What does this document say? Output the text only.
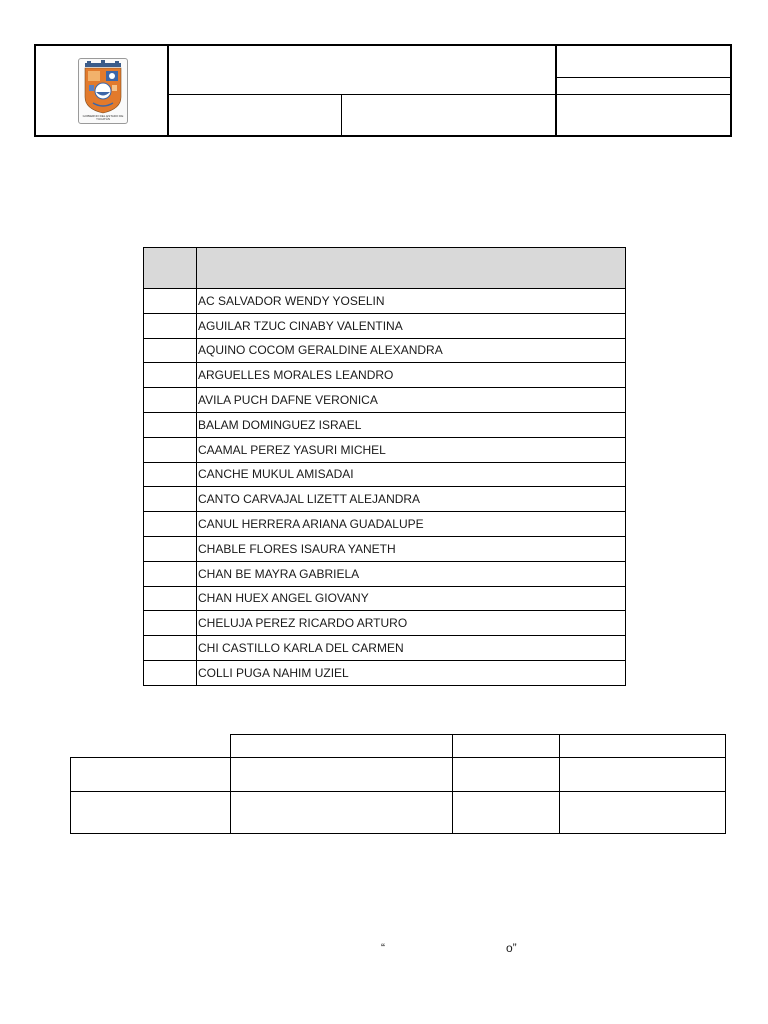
GOBIERNO DEL ESTADO DE YUCATÁN

	AC SALVADOR WENDY YOSELIN
	AGUILAR TZUC CINABY VALENTINA
	AQUINO COCOM GERALDINE ALEXANDRA
	ARGUELLES MORALES LEANDRO
	AVILA PUCH DAFNE VERONICA
	BALAM DOMINGUEZ ISRAEL
	CAAMAL PEREZ YASURI MICHEL
	CANCHE MUKUL AMISADAI
	CANTO CARVAJAL LIZETT ALEJANDRA
	CANUL HERRERA ARIANA GUADALUPE
	CHABLE FLORES ISAURA YANETH
	CHAN BE MAYRA GABRIELA
	CHAN HUEX ANGEL GIOVANY
	CHELUJA PEREZ RICARDO ARTURO
	CHI CASTILLO KARLA DEL CARMEN
	COLLI PUGA NAHIM UZIEL

“	o”
